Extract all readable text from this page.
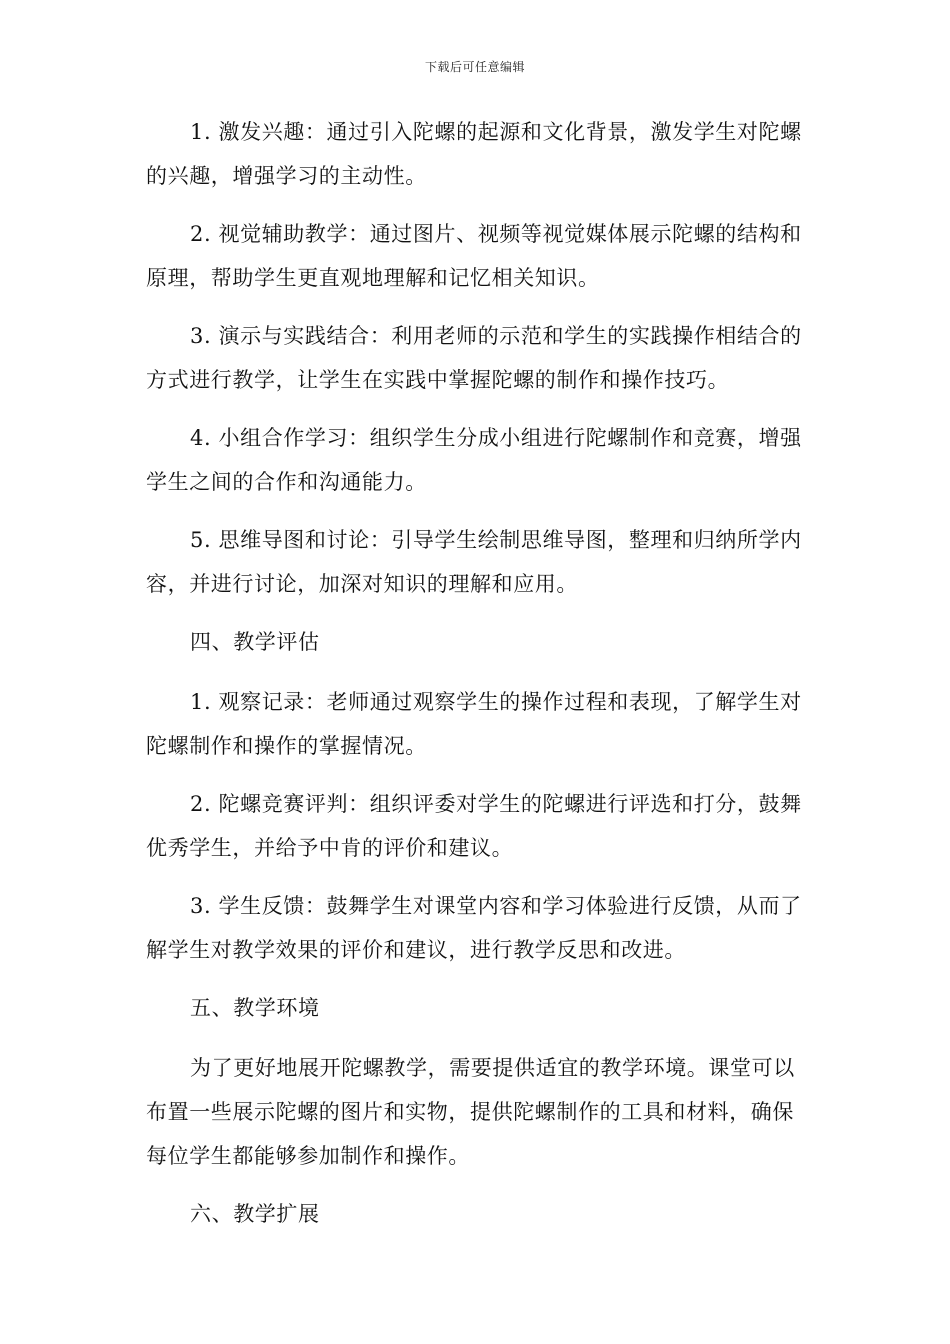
下载后可任意编辑

1. 激发兴趣：通过引入陀螺的起源和文化背景，激发学生对陀螺的兴趣，增强学习的主动性。

2. 视觉辅助教学：通过图片、视频等视觉媒体展示陀螺的结构和原理，帮助学生更直观地理解和记忆相关知识。

3. 演示与实践结合：利用老师的示范和学生的实践操作相结合的方式进行教学，让学生在实践中掌握陀螺的制作和操作技巧。

4. 小组合作学习：组织学生分成小组进行陀螺制作和竞赛，增强学生之间的合作和沟通能力。

5. 思维导图和讨论：引导学生绘制思维导图，整理和归纳所学内容，并进行讨论，加深对知识的理解和应用。

四、教学评估

1. 观察记录：老师通过观察学生的操作过程和表现，了解学生对陀螺制作和操作的掌握情况。

2. 陀螺竞赛评判：组织评委对学生的陀螺进行评选和打分，鼓舞优秀学生，并给予中肯的评价和建议。

3. 学生反馈：鼓舞学生对课堂内容和学习体验进行反馈，从而了解学生对教学效果的评价和建议，进行教学反思和改进。

五、教学环境

为了更好地展开陀螺教学，需要提供适宜的教学环境。课堂可以布置一些展示陀螺的图片和实物，提供陀螺制作的工具和材料，确保每位学生都能够参加制作和操作。

六、教学扩展
